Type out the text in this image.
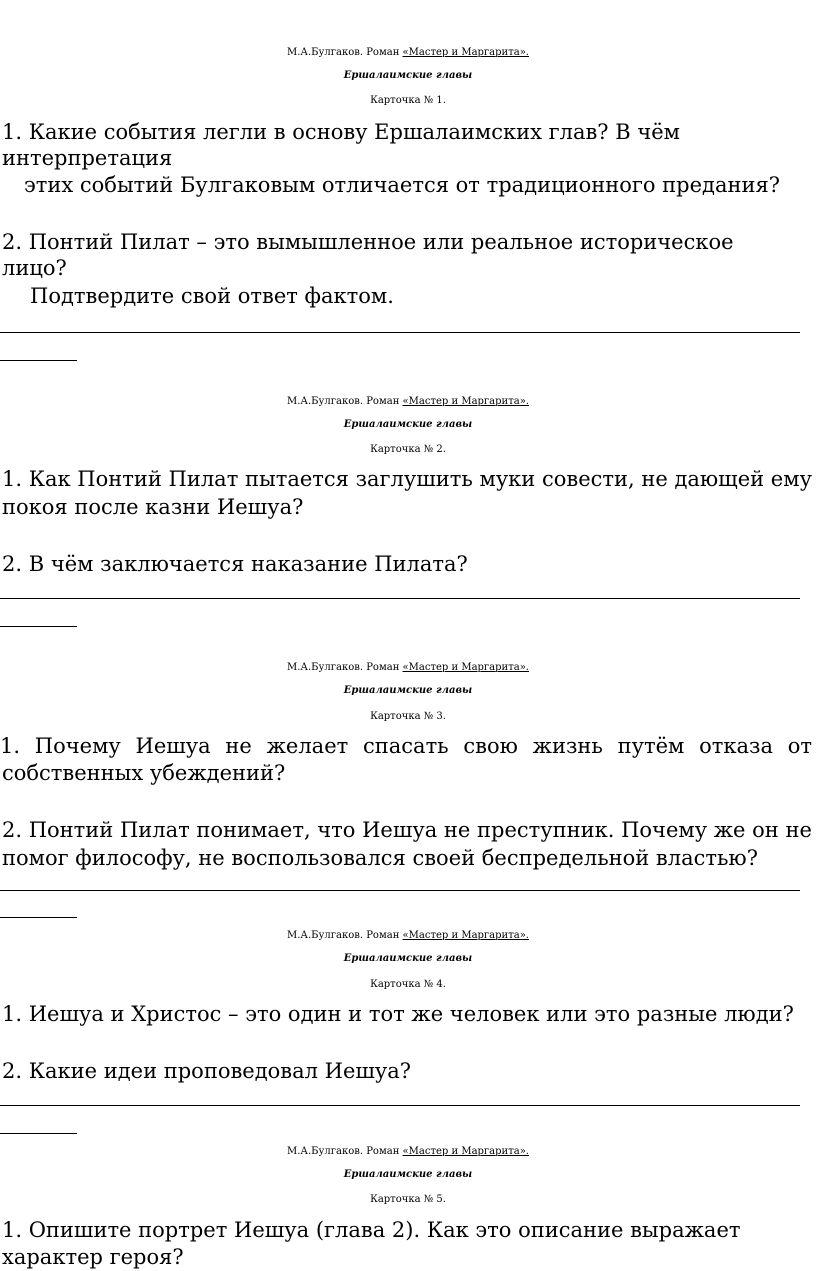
М.А.Булгаков. Роман «Мастер и Маргарита».
Ершалаимские главы
Карточка № 1.
1. Какие события легли в основу Ершалаимских глав? В чём
интерпретация
этих событий Булгаковым отличается от традиционного предания?
2. Понтий Пилат – это вымышленное или реальное историческое
лицо?
Подтвердите свой ответ фактом.
М.А.Булгаков. Роман «Мастер и Маргарита».
Ершалаимские главы
Карточка № 2.
1. Как Понтий Пилат пытается заглушить муки совести, не дающей ему
покоя после казни Иешуа?
2. В чём заключается наказание Пилата?
М.А.Булгаков. Роман «Мастер и Маргарита».
Ершалаимские главы
Карточка № 3.
1. Почему Иешуа не желает спасать свою жизнь путём отказа от
собственных убеждений?
2. Понтий Пилат понимает, что Иешуа не преступник. Почему же он не
помог философу, не воспользовался своей беспредельной властью?
М.А.Булгаков. Роман «Мастер и Маргарита».
Ершалаимские главы
Карточка № 4.
1. Иешуа и Христос – это один и тот же человек или это разные люди?
2. Какие идеи проповедовал Иешуа?
М.А.Булгаков. Роман «Мастер и Маргарита».
Ершалаимские главы
Карточка № 5.
1. Опишите портрет Иешуа (глава 2). Как это описание выражает
характер героя?
